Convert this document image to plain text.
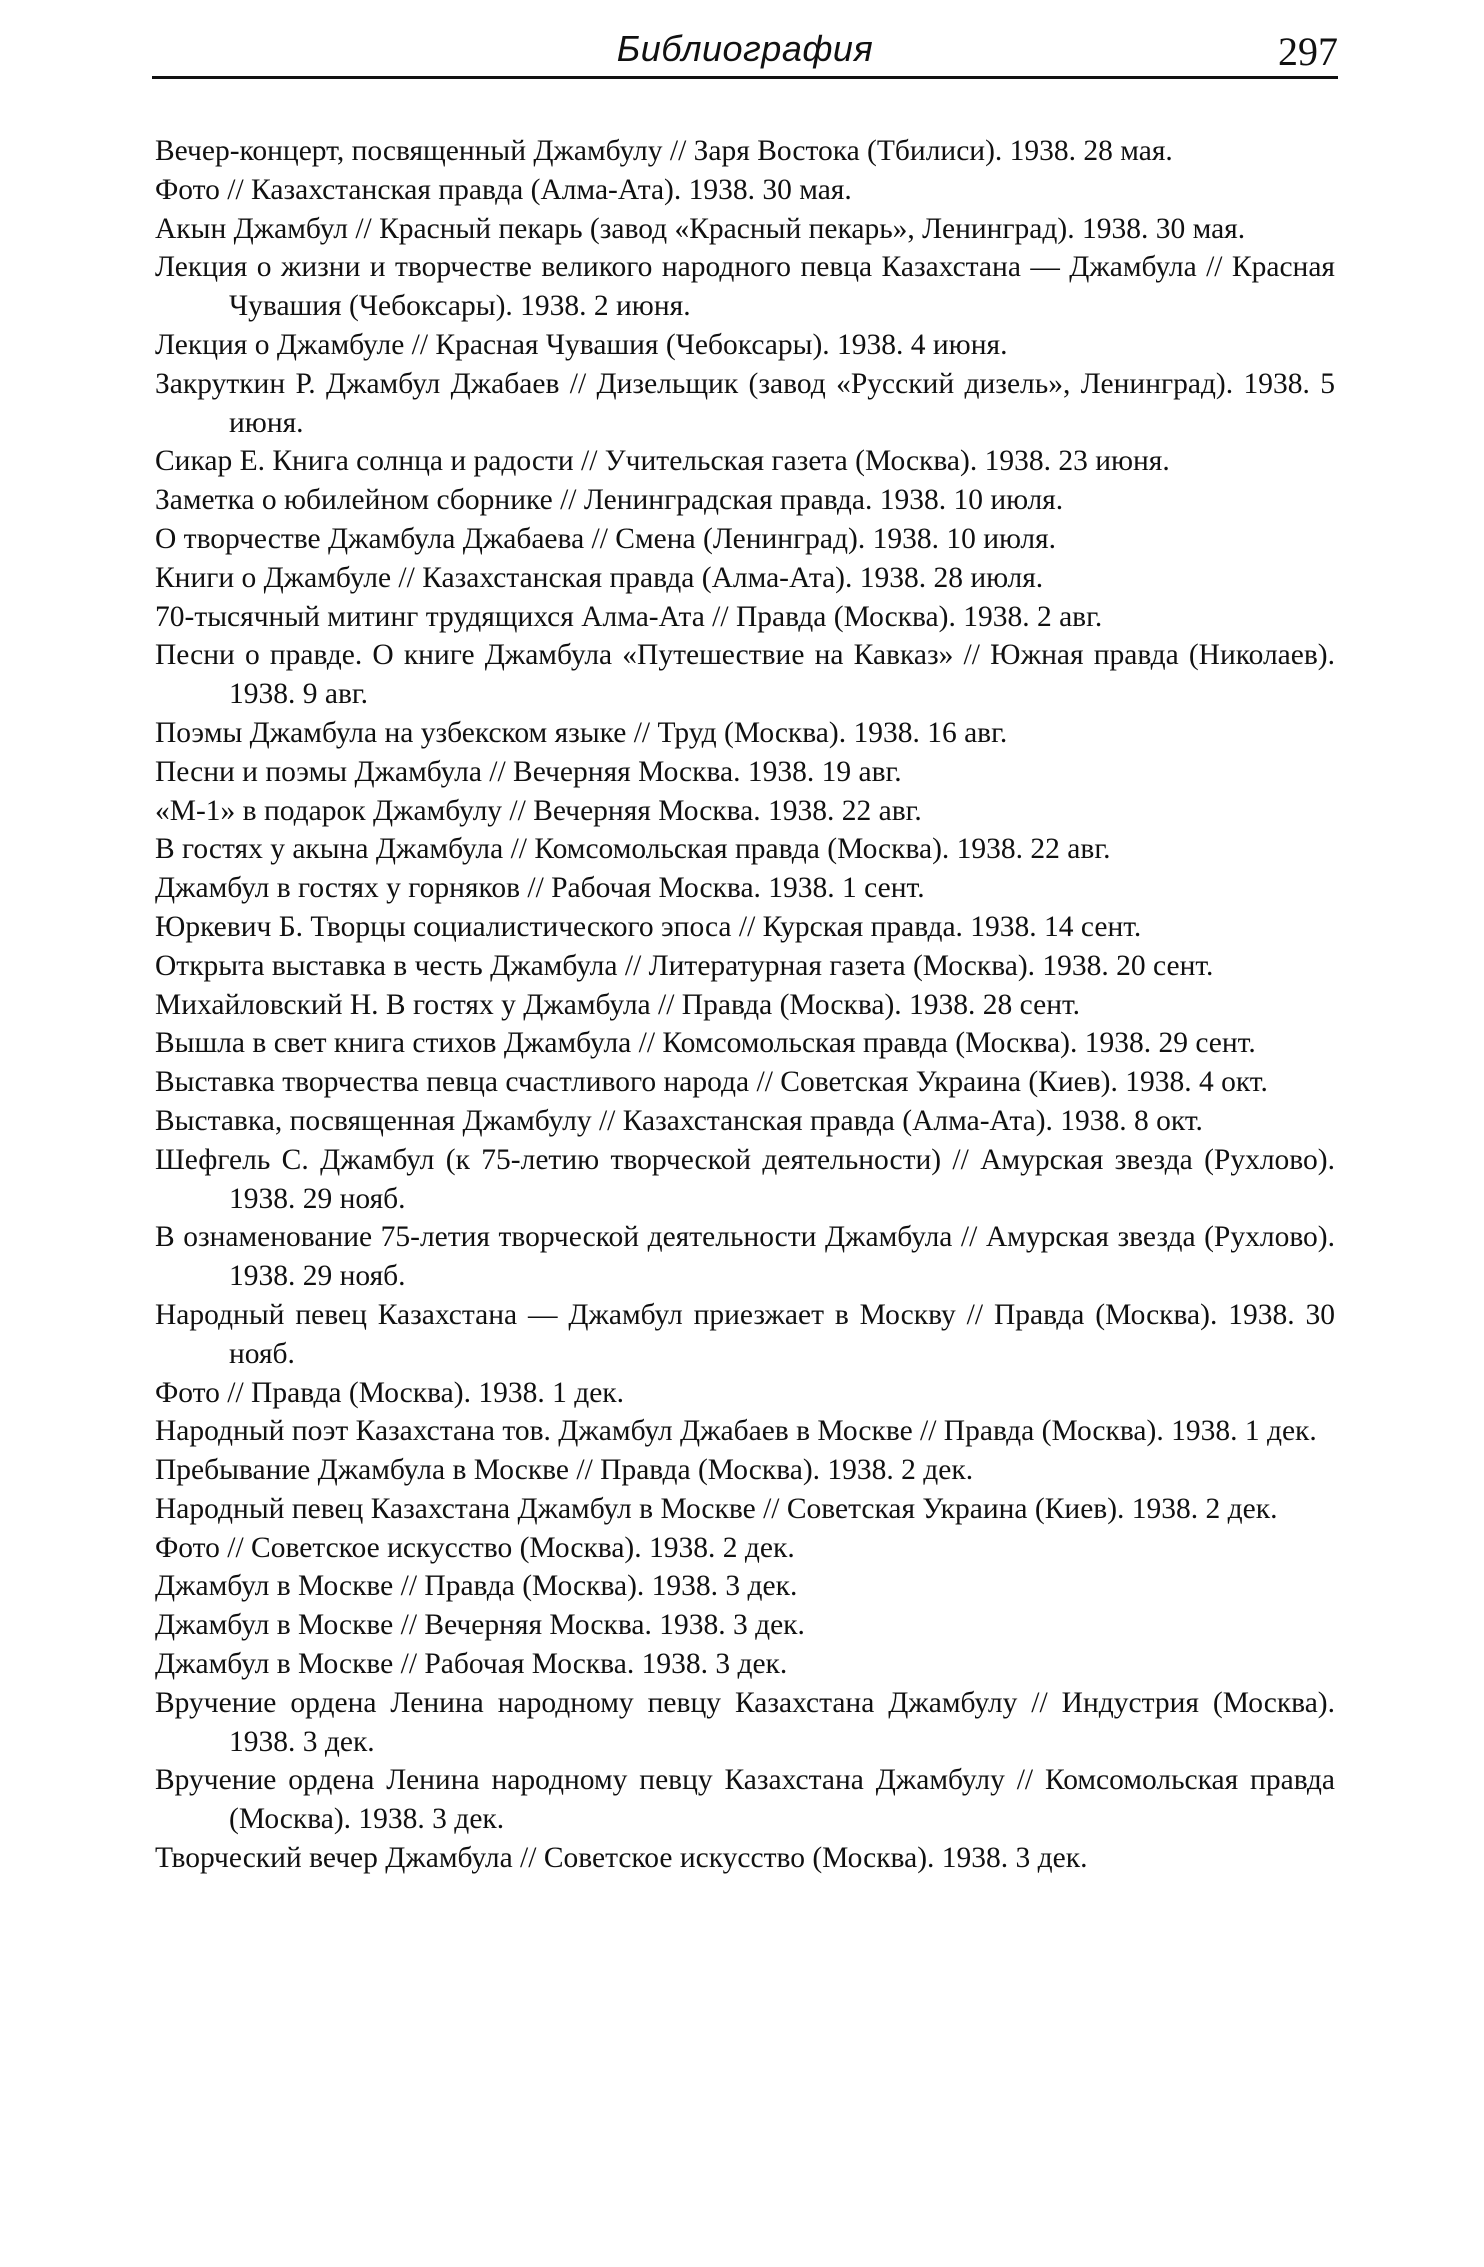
Библиография	297
Вечер-концерт, посвященный Джамбулу // Заря Востока (Тбилиси). 1938. 28 мая.
Фото // Казахстанская правда (Алма-Ата). 1938. 30 мая.
Акын Джамбул // Красный пекарь (завод «Красный пекарь», Ленинград). 1938. 30 мая.
Лекция о жизни и творчестве великого народного певца Казахстана — Джамбула // Красная Чувашия (Чебоксары). 1938. 2 июня.
Лекция о Джамбуле // Красная Чувашия (Чебоксары). 1938. 4 июня.
Закруткин Р. Джамбул Джабаев // Дизельщик (завод «Русский дизель», Ленинград). 1938. 5 июня.
Сикар Е. Книга солнца и радости // Учительская газета (Москва). 1938. 23 июня.
Заметка о юбилейном сборнике // Ленинградская правда. 1938. 10 июля.
О творчестве Джамбула Джабаева // Смена (Ленинград). 1938. 10 июля.
Книги о Джамбуле // Казахстанская правда (Алма-Ата). 1938. 28 июля.
70-тысячный митинг трудящихся Алма-Ата // Правда (Москва). 1938. 2 авг.
Песни о правде. О книге Джамбула «Путешествие на Кавказ» // Южная правда (Николаев). 1938. 9 авг.
Поэмы Джамбула на узбекском языке // Труд (Москва). 1938. 16 авг.
Песни и поэмы Джамбула // Вечерняя Москва. 1938. 19 авг.
«М-1» в подарок Джамбулу // Вечерняя Москва. 1938. 22 авг.
В гостях у акына Джамбула // Комсомольская правда (Москва). 1938. 22 авг.
Джамбул в гостях у горняков // Рабочая Москва. 1938. 1 сент.
Юркевич Б. Творцы социалистического эпоса // Курская правда. 1938. 14 сент.
Открыта выставка в честь Джамбула // Литературная газета (Москва). 1938. 20 сент.
Михайловский Н. В гостях у Джамбула // Правда (Москва). 1938. 28 сент.
Вышла в свет книга стихов Джамбула // Комсомольская правда (Москва). 1938. 29 сент.
Выставка творчества певца счастливого народа // Советская Украина (Киев). 1938. 4 окт.
Выставка, посвященная Джамбулу // Казахстанская правда (Алма-Ата). 1938. 8 окт.
Шефгель С. Джамбул (к 75-летию творческой деятельности) // Амурская звезда (Рухлово). 1938. 29 нояб.
В ознаменование 75-летия творческой деятельности Джамбула // Амурская звезда (Рухлово). 1938. 29 нояб.
Народный певец Казахстана — Джамбул приезжает в Москву // Правда (Москва). 1938. 30 нояб.
Фото // Правда (Москва). 1938. 1 дек.
Народный поэт Казахстана тов. Джамбул Джабаев в Москве // Правда (Москва). 1938. 1 дек.
Пребывание Джамбула в Москве // Правда (Москва). 1938. 2 дек.
Народный певец Казахстана Джамбул в Москве // Советская Украина (Киев). 1938. 2 дек.
Фото // Советское искусство (Москва). 1938. 2 дек.
Джамбул в Москве // Правда (Москва). 1938. 3 дек.
Джамбул в Москве // Вечерняя Москва. 1938. 3 дек.
Джамбул в Москве // Рабочая Москва. 1938. 3 дек.
Вручение ордена Ленина народному певцу Казахстана Джамбулу // Индустрия (Москва). 1938. 3 дек.
Вручение ордена Ленина народному певцу Казахстана Джамбулу // Комсомольская правда (Москва). 1938. 3 дек.
Творческий вечер Джамбула // Советское искусство (Москва). 1938. 3 дек.
